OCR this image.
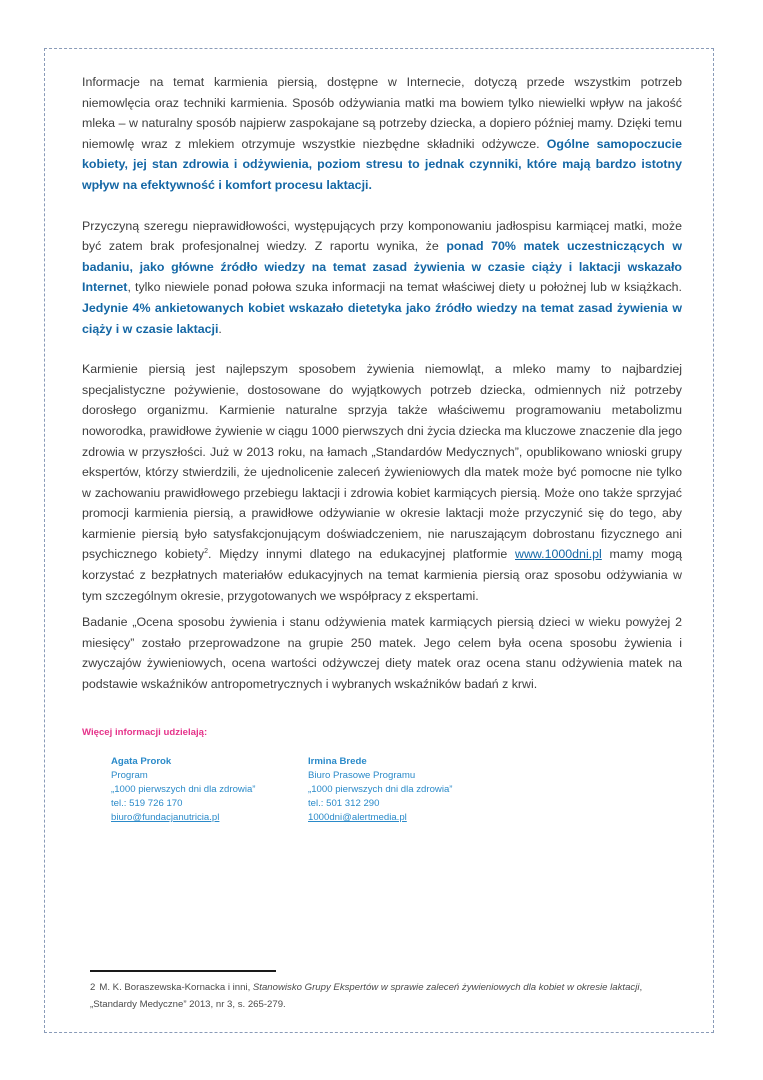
Informacje na temat karmienia piersią, dostępne w Internecie, dotyczą przede wszystkim potrzeb niemowlęcia oraz techniki karmienia. Sposób odżywiania matki ma bowiem tylko niewielki wpływ na jakość mleka – w naturalny sposób najpierw zaspokajane są potrzeby dziecka, a dopiero później mamy. Dzięki temu niemowlę wraz z mlekiem otrzymuje wszystkie niezbędne składniki odżywcze. Ogólne samopoczucie kobiety, jej stan zdrowia i odżywienia, poziom stresu to jednak czynniki, które mają bardzo istotny wpływ na efektywność i komfort procesu laktacji.

Przyczyną szeregu nieprawidłowości, występujących przy komponowaniu jadłospisu karmiącej matki, może być zatem brak profesjonalnej wiedzy. Z raportu wynika, że ponad 70% matek uczestniczących w badaniu, jako główne źródło wiedzy na temat zasad żywienia w czasie ciąży i laktacji wskazało Internet, tylko niewiele ponad połowa szuka informacji na temat właściwej diety u położnej lub w książkach. Jedynie 4% ankietowanych kobiet wskazało dietetyka jako źródło wiedzy na temat zasad żywienia w ciąży i w czasie laktacji.

Karmienie piersią jest najlepszym sposobem żywienia niemowląt, a mleko mamy to najbardziej specjalistyczne pożywienie, dostosowane do wyjątkowych potrzeb dziecka, odmiennych niż potrzeby dorosłego organizmu. Karmienie naturalne sprzyja także właściwemu programowaniu metabolizmu noworodka, prawidłowe żywienie w ciągu 1000 pierwszych dni życia dziecka ma kluczowe znaczenie dla jego zdrowia w przyszłości. Już w 2013 roku, na łamach „Standardów Medycznych”, opublikowano wnioski grupy ekspertów, którzy stwierdzili, że ujednolicenie zaleceń żywieniowych dla matek może być pomocne nie tylko w zachowaniu prawidłowego przebiegu laktacji i zdrowia kobiet karmiących piersią. Może ono także sprzyjać promocji karmienia piersią, a prawidłowe odżywianie w okresie laktacji może przyczynić się do tego, aby karmienie piersią było satysfakcjonującym doświadczeniem, nie naruszającym dobrostanu fizycznego ani psychicznego kobiety$^2$. Między innymi dlatego na edukacyjnej platformie www.1000dni.pl mamy mogą korzystać z bezpłatnych materiałów edukacyjnych na temat karmienia piersią oraz sposobu odżywiania w tym szczególnym okresie, przygotowanych we współpracy z ekspertami.

Badanie „Ocena sposobu żywienia i stanu odżywienia matek karmiących piersią dzieci w wieku powyżej 2 miesięcy” zostało przeprowadzone na grupie 250 matek. Jego celem była ocena sposobu żywienia i zwyczajów żywieniowych, ocena wartości odżywczej diety matek oraz ocena stanu odżywienia matek na podstawie wskaźników antropometrycznych i wybranych wskaźników badań z krwi.

Więcej informacji udzielają:
Agata Prorok
Program
„1000 pierwszych dni dla zdrowia”
tel.: 519 726 170
biuro@fundacjanutricia.pl
Irmina Brede
Biuro Prasowe Programu
„1000 pierwszych dni dla zdrowia”
tel.: 501 312 290
1000dni@alertmedia.pl
2 M. K. Boraszewska-Kornacka i inni, Stanowisko Grupy Ekspertów w sprawie zaleceń żywieniowych dla kobiet w okresie laktacji, „Standardy Medyczne” 2013, nr 3, s. 265-279.
